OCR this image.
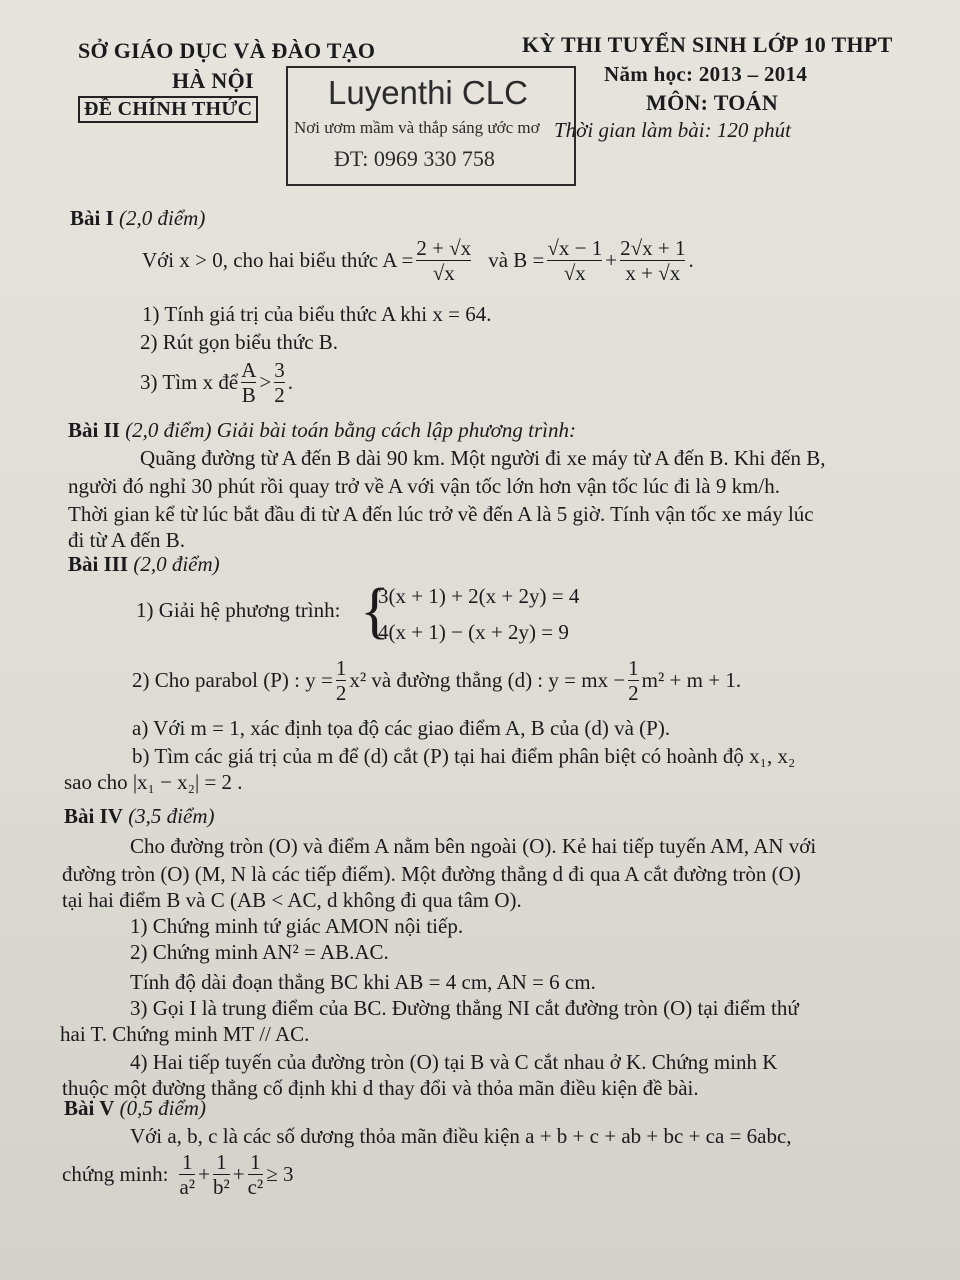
SỞ GIÁO DỤC VÀ ĐÀO TẠO
HÀ NỘI
ĐỀ CHÍNH THỨC
KỲ THI TUYỂN SINH LỚP 10 THPT
Năm học: 2013 – 2014
MÔN: TOÁN
Thời gian làm bài: 120 phút
Luyenthi CLC
Nơi ươm mầm và thắp sáng ước mơ
ĐT: 0969 330 758
Bài I (2,0 điểm)
Với x > 0, cho hai biểu thức $A = \frac{2 + √x}{√x}$ và $B = \frac{√x - 1}{√x} + \frac{2√x + 1}{x + √x}$ .
1) Tính giá trị của biểu thức A khi x = 64.
2) Rút gọn biểu thức B.
3) Tìm x để $\frac{A}{B} > \frac{3}{2}$ .
Bài II (2,0 điểm) Giải bài toán bằng cách lập phương trình:
Quãng đường từ A đến B dài 90 km. Một người đi xe máy từ A đến B. Khi đến B,
người đó nghỉ 30 phút rồi quay trở về A với vận tốc lớn hơn vận tốc lúc đi là 9 km/h.
Thời gian kể từ lúc bắt đầu đi từ A đến lúc trở về đến A là 5 giờ. Tính vận tốc xe máy lúc
đi từ A đến B.
Bài III (2,0 điểm)
1) Giải hệ phương trình: {
3(x + 1) + 2(x + 2y) = 4
4(x + 1) − (x + 2y) = 9
2) Cho parabol (P) : $y = \frac{1}{2} x^2$ và đường thẳng (d) : y = mx − $\frac{1}{2} m^2 + m + 1$.
a) Với m = 1, xác định tọa độ các giao điểm A, B của (d) và (P).
b) Tìm các giá trị của m để (d) cắt (P) tại hai điểm phân biệt có hoành độ x₁, x₂
sao cho |x₁ − x₂| = 2 .
Bài IV (3,5 điểm)
Cho đường tròn (O) và điểm A nằm bên ngoài (O). Kẻ hai tiếp tuyến AM, AN với
đường tròn (O) (M, N là các tiếp điểm). Một đường thẳng d đi qua A cắt đường tròn (O)
tại hai điểm B và C (AB < AC, d không đi qua tâm O).
1) Chứng minh tứ giác AMON nội tiếp.
2) Chứng minh AN² = AB.AC.
Tính độ dài đoạn thẳng BC khi AB = 4 cm, AN = 6 cm.
3) Gọi I là trung điểm của BC. Đường thẳng NI cắt đường tròn (O) tại điểm thứ
hai T. Chứng minh MT // AC.
4) Hai tiếp tuyến của đường tròn (O) tại B và C cắt nhau ở K. Chứng minh K
thuộc một đường thẳng cố định khi d thay đổi và thỏa mãn điều kiện đề bài.
Bài V (0,5 điểm)
Với a, b, c là các số dương thỏa mãn điều kiện a + b + c + ab + bc + ca = 6abc,
chứng minh: $\frac{1}{\text{a²}} + \frac{1}{\text{b²}} + \frac{1}{\text{c²}} \ge 3$
